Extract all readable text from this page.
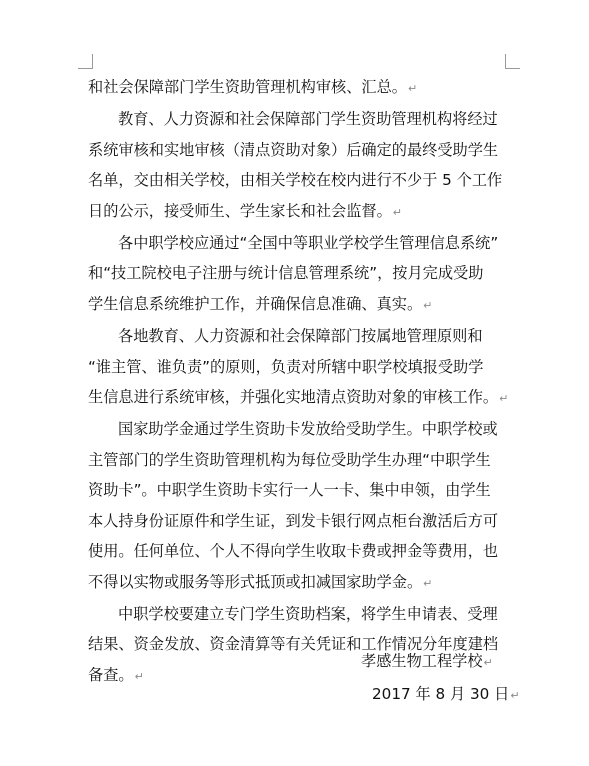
和社会保障部门学生资助管理机构审核、汇总。↵

教育、人力资源和社会保障部门学生资助管理机构将经过
系统审核和实地审核（清点资助对象）后确定的最终受助学生
名单，交由相关学校，由相关学校在校内进行不少于 5 个工作
日的公示，接受师生、学生家长和社会监督。↵

各中职学校应通过“全国中等职业学校学生管理信息系统”
和“技工院校电子注册与统计信息管理系统”，按月完成受助
学生信息系统维护工作，并确保信息准确、真实。↵

各地教育、人力资源和社会保障部门按属地管理原则和
“谁主管、谁负责”的原则，负责对所辖中职学校填报受助学
生信息进行系统审核，并强化实地清点资助对象的审核工作。↵

国家助学金通过学生资助卡发放给受助学生。中职学校或
主管部门的学生资助管理机构为每位受助学生办理“中职学生
资助卡”。中职学生资助卡实行一人一卡、集中申领，由学生
本人持身份证原件和学生证，到发卡银行网点柜台激活后方可
使用。任何单位、个人不得向学生收取卡费或押金等费用，也
不得以实物或服务等形式抵顶或扣减国家助学金。↵

中职学校要建立专门学生资助档案，将学生申请表、受理
结果、资金发放、资金清算等有关凭证和工作情况分年度建档
备查。↵

孝感生物工程学校↵
2017 年 8 月 30 日↵
